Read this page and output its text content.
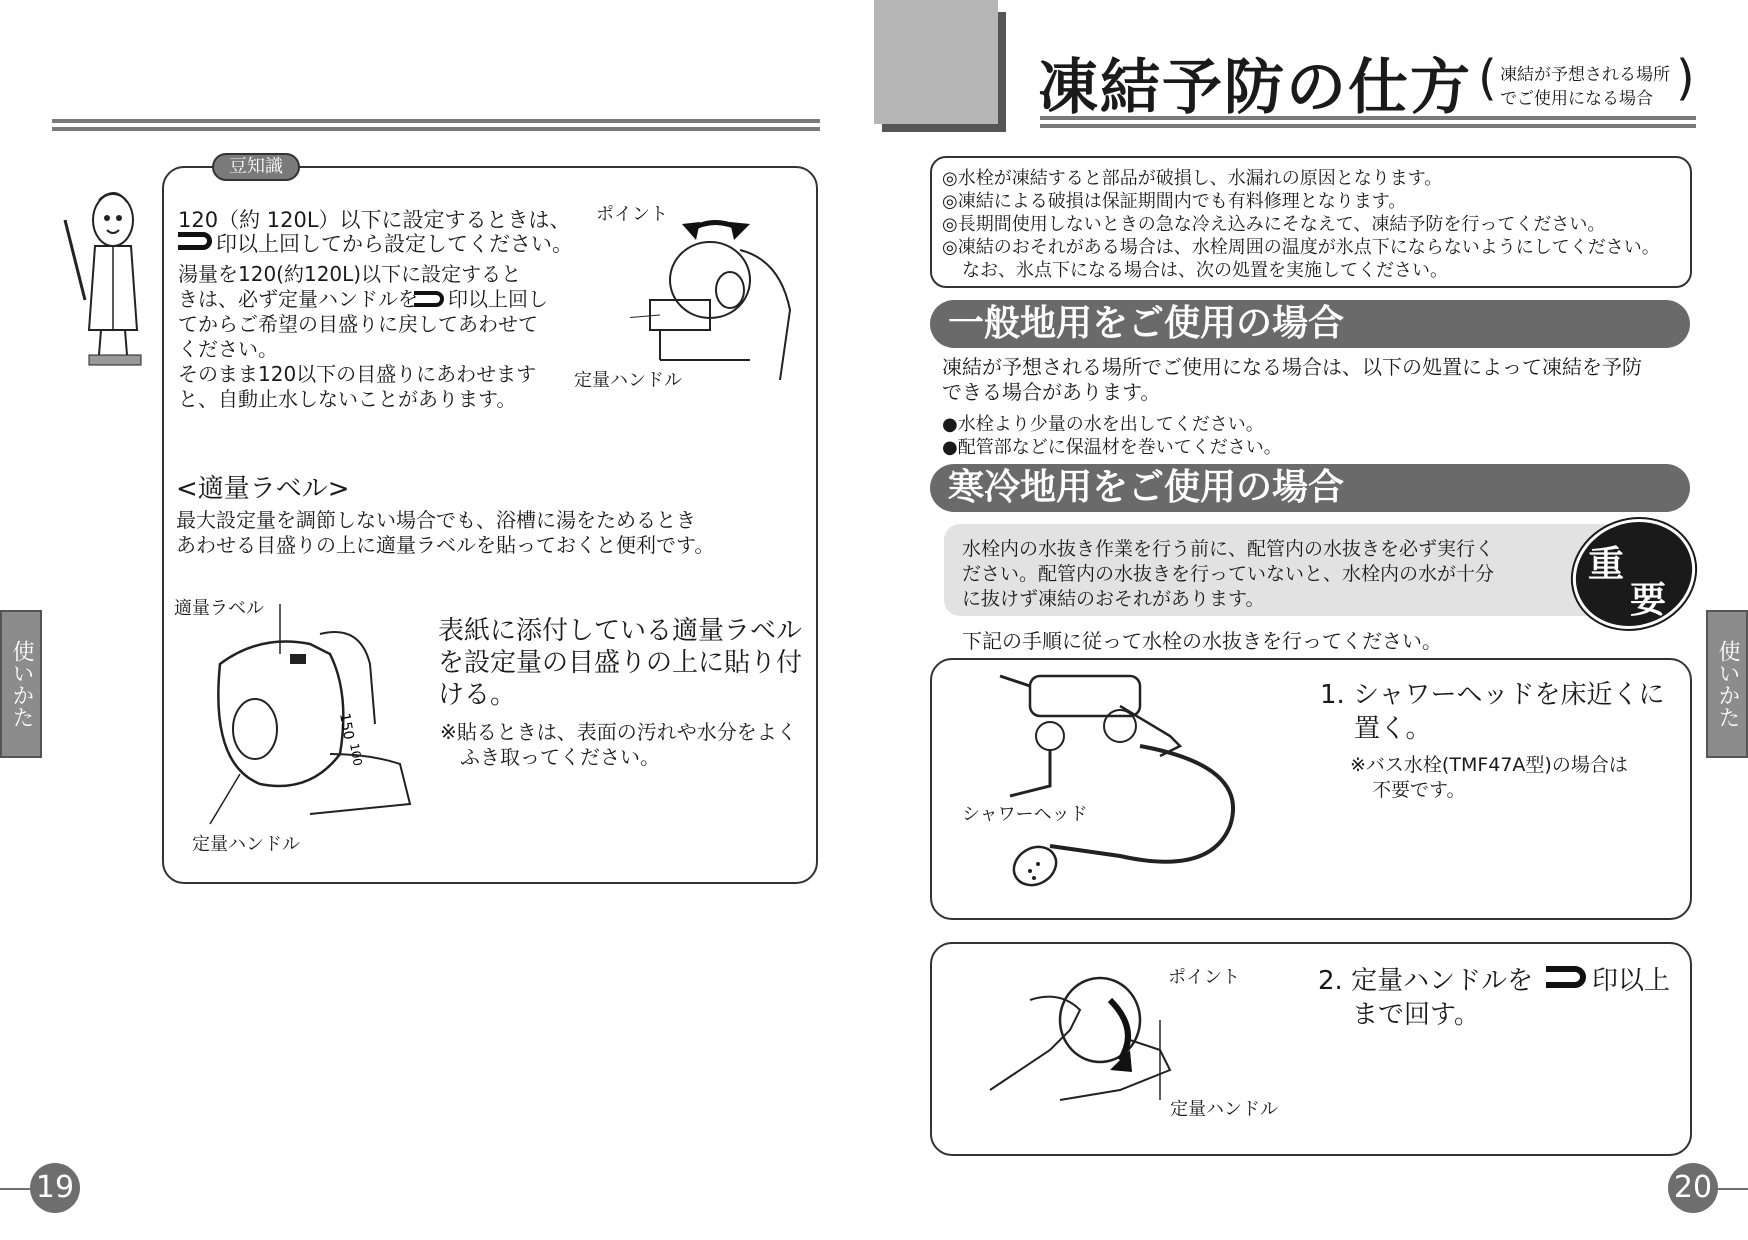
豆知識
120（約 120L）以下に設定するときは、
印以上回してから設定してください。
湯量を120(約120L)以下に設定すると
きは、必ず定量ハンドルを 印以上回し
てからご希望の目盛りに戻してあわせて
ください。
そのまま120以下の目盛りにあわせます
と、自動止水しないことがあります。
ポイント
定量ハンドル
<適量ラベル>
最大設定量を調節しない場合でも、浴槽に湯をためるとき
あわせる目盛りの上に適量ラベルを貼っておくと便利です。
適量ラベル
150
100
定量ハンドル
表紙に添付している適量ラベル
を設定量の目盛りの上に貼り付
ける。
※貼るときは、表面の汚れや水分をよく
ふき取ってください。
使いかた
19
凍結予防の仕方 ( 凍結が予想される場所
でご使用になる場合 )
◎水栓が凍結すると部品が破損し、水漏れの原因となります。
◎凍結による破損は保証期間内でも有料修理となります。
◎長期間使用しないときの急な冷え込みにそなえて、凍結予防を行ってください。
◎凍結のおそれがある場合は、水栓周囲の温度が氷点下にならないようにしてください。
なお、氷点下になる場合は、次の処置を実施してください。
一般地用をご使用の場合
凍結が予想される場所でご使用になる場合は、以下の処置によって凍結を予防
できる場合があります。
●水栓より少量の水を出してください。
●配管部などに保温材を巻いてください。
寒冷地用をご使用の場合
水栓内の水抜き作業を行う前に、配管内の水抜きを必ず実行く
ださい。配管内の水抜きを行っていないと、水栓内の水が十分
に抜けず凍結のおそれがあります。
重
要
下記の手順に従って水栓の水抜きを行ってください。
シャワーヘッド
1. シャワーヘッドを床近くに
置く。
※バス水栓(TMF47A型)の場合は
不要です。
ポイント
定量ハンドル
2. 定量ハンドルを 印以上
まで回す。
使いかた
20
